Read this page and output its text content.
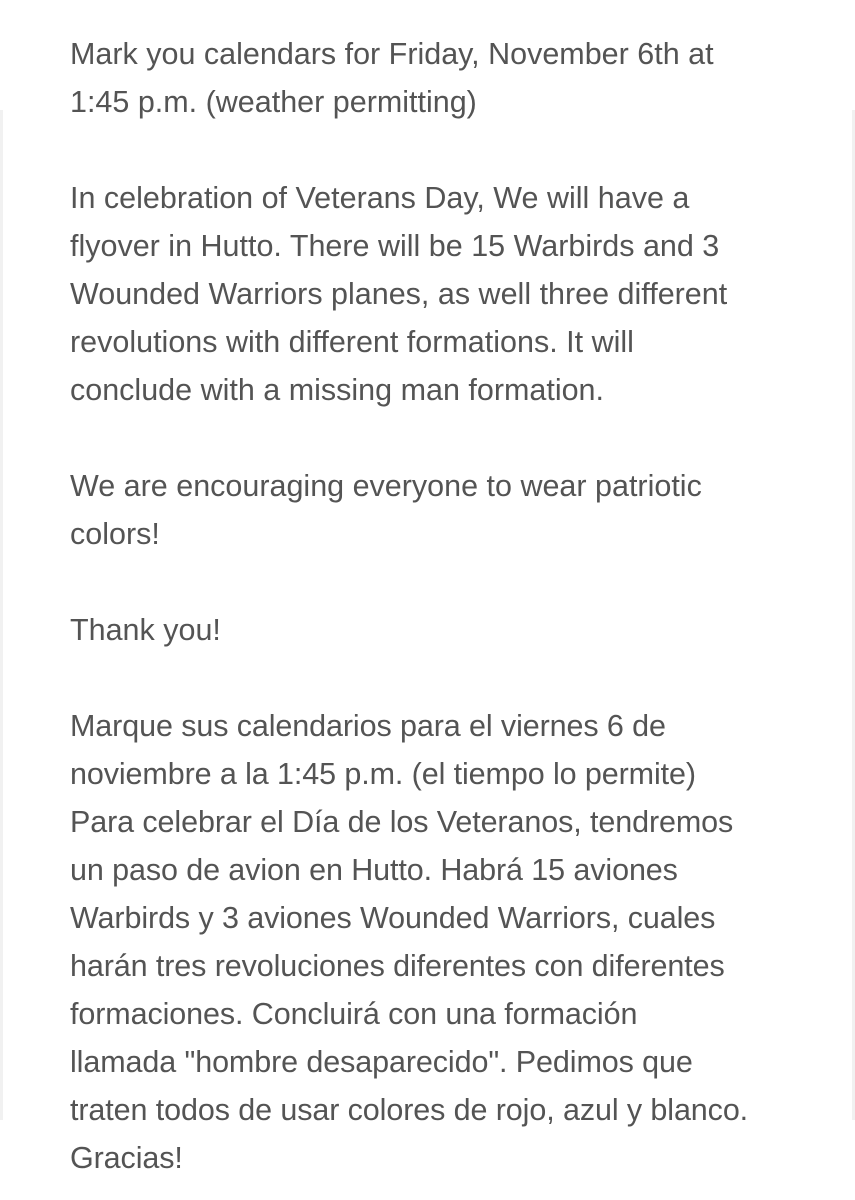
Mark you calendars for Friday, November 6th at

1:45 p.m. (weather permitting)

In celebration of Veterans Day, We will have a

flyover in Hutto. There will be 15 Warbirds and 3

Wounded Warriors planes, as well three different

revolutions with different formations. It will

conclude with a missing man formation.

We are encouraging everyone to wear patriotic

colors!

Thank you!

Marque sus calendarios para el viernes 6 de

noviembre a la 1:45 p.m. (el tiempo lo permite)

Para celebrar el Día de los Veteranos, tendremos

un paso de avion en Hutto. Habrá 15 aviones

Warbirds y 3 aviones Wounded Warriors, cuales

harán tres revoluciones diferentes con diferentes

formaciones. Concluirá con una formación

llamada "hombre desaparecido". Pedimos que

traten todos de usar colores de rojo, azul y blanco.

Gracias!
